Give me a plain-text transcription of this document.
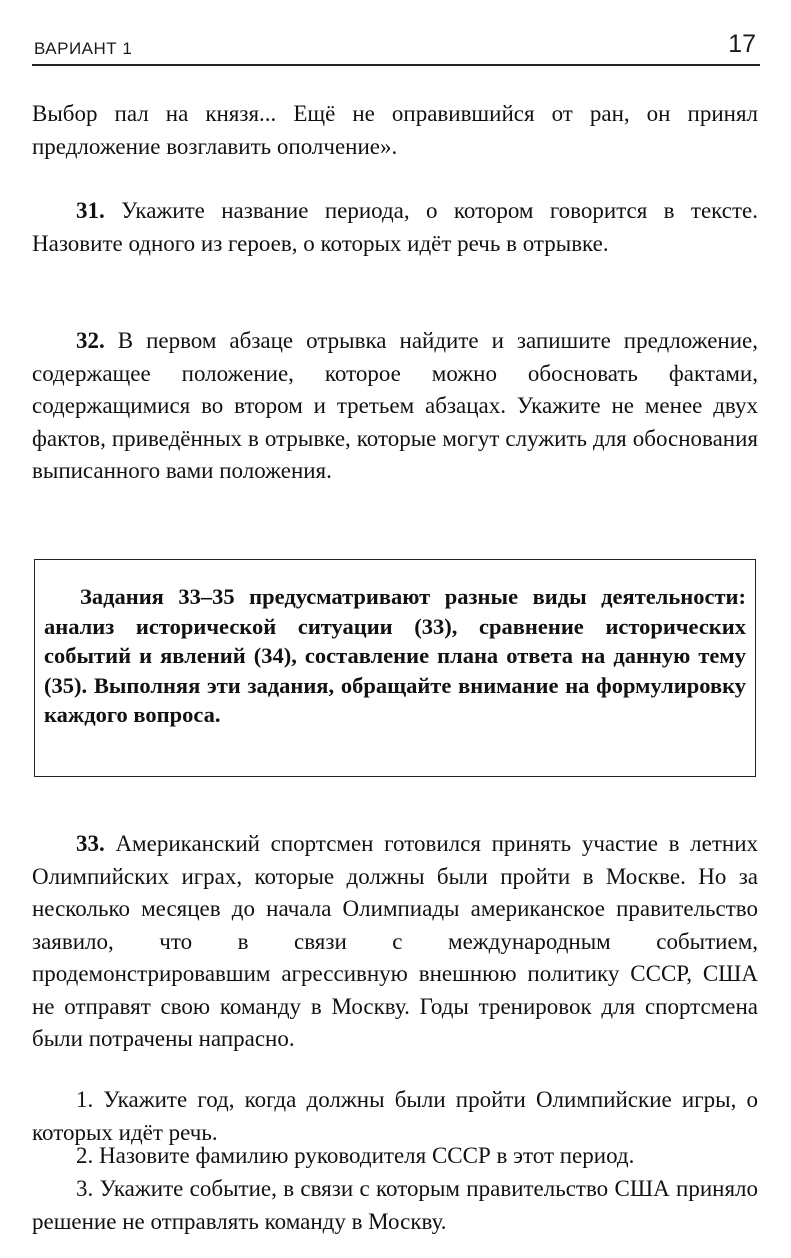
ВАРИАНТ 1	17

Выбор пал на князя... Ещё не оправившийся от ран, он принял предложение возглавить ополчение».

31. Укажите название периода, о котором говорится в тексте. Назовите одного из героев, о которых идёт речь в отрывке.

32. В первом абзаце отрывка найдите и запишите предложение, содержащее положение, которое можно обосновать фактами, содержащимися во втором и третьем абзацах. Укажите не менее двух фактов, приведённых в отрывке, которые могут служить для обоснования выписанного вами положения.

Задания 33–35 предусматривают разные виды деятельности: анализ исторической ситуации (33), сравнение исторических событий и явлений (34), составление плана ответа на данную тему (35). Выполняя эти задания, обращайте внимание на формулировку каждого вопроса.

33. Американский спортсмен готовился принять участие в летних Олимпийских играх, которые должны были пройти в Москве. Но за несколько месяцев до начала Олимпиады американское правительство заявило, что в связи с международным событием, продемонстрировавшим агрессивную внешнюю политику СССР, США не отправят свою команду в Москву. Годы тренировок для спортсмена были потрачены напрасно.

1. Укажите год, когда должны были пройти Олимпийские игры, о которых идёт речь.

2. Назовите фамилию руководителя СССР в этот период.

3. Укажите событие, в связи с которым правительство США приняло решение не отправлять команду в Москву.
